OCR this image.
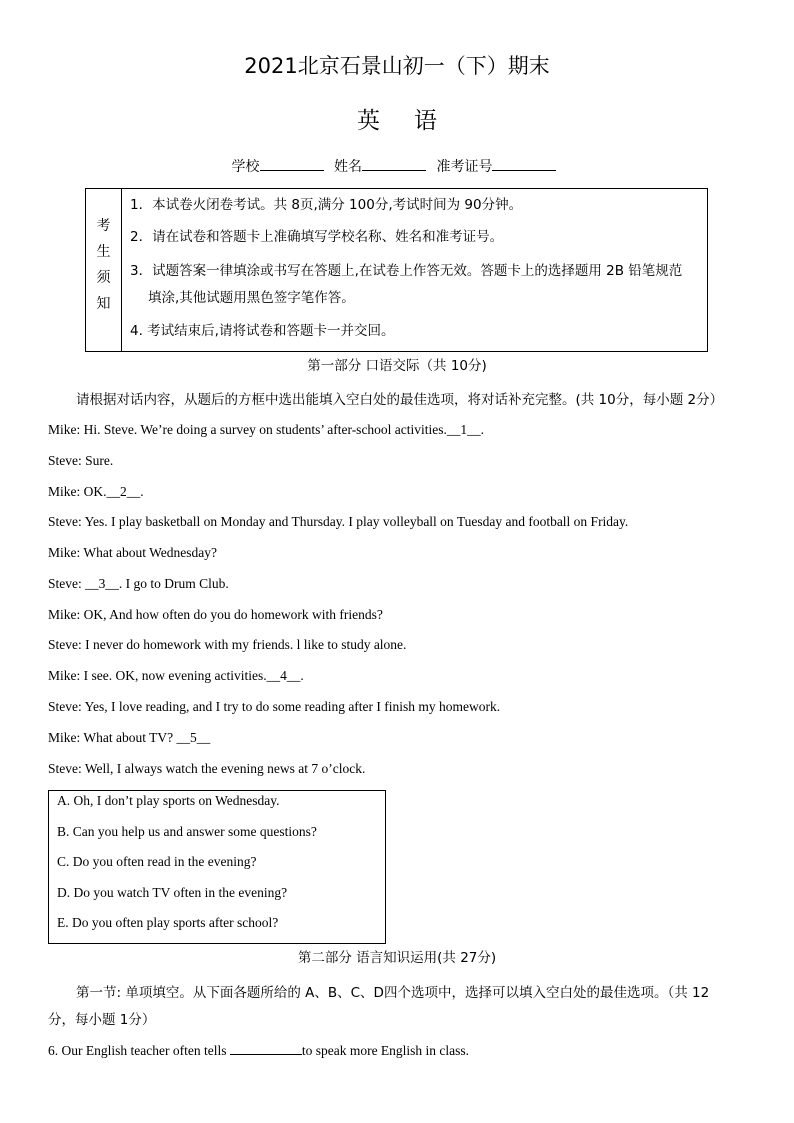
2021北京石景山初一（下）期末
英语
学校	姓名	准考证号
考
生
须
知
1．本试卷火闭卷考试。共 8页,满分 100分,考试时间为 90分钟。
2．请在试卷和答题卡上准确填写学校名称、姓名和准考证号。
3．试题答案一律填涂或书写在答题上,在试卷上作答无效。答题卡上的选择题用 2B 铅笔规范
填涂,其他试题用黑色签字笔作答。
4. 考试结束后,请将试卷和答题卡一并交回。
第一部分 口语交际（共 10分)
请根据对话内容，从题后的方框中选出能填入空白处的最佳选项，将对话补充完整。(共 10分，每小题 2分）
Mike: Hi. Steve. We’re doing a survey on students’ after-school activities.__1__.
Steve: Sure.
Mike: OK.__2__.
Steve: Yes. I play basketball on Monday and Thursday. I play volleyball on Tuesday and football on Friday.
Mike: What about Wednesday?
Steve: __3__. I go to Drum Club.
Mike: OK, And how often do you do homework with friends?
Steve: I never do homework with my friends. l like to study alone.
Mike: I see. OK, now evening activities.__4__.
Steve: Yes, I love reading, and I try to do some reading after I finish my homework.
Mike: What about TV? __5__
Steve: Well, I always watch the evening news at 7 o’clock.
A. Oh, I don’t play sports on Wednesday.
B. Can you help us and answer some questions?
C. Do you often read in the evening?
D. Do you watch TV often in the evening?
E. Do you often play sports after school?
第二部分 语言知识运用(共 27分)
第一节: 单项填空。从下面各题所给的 A、B、C、D四个选项中，选择可以填入空白处的最佳选项。（共 12
分，每小题 1分）
6. Our English teacher often tells	to speak more English in class.
